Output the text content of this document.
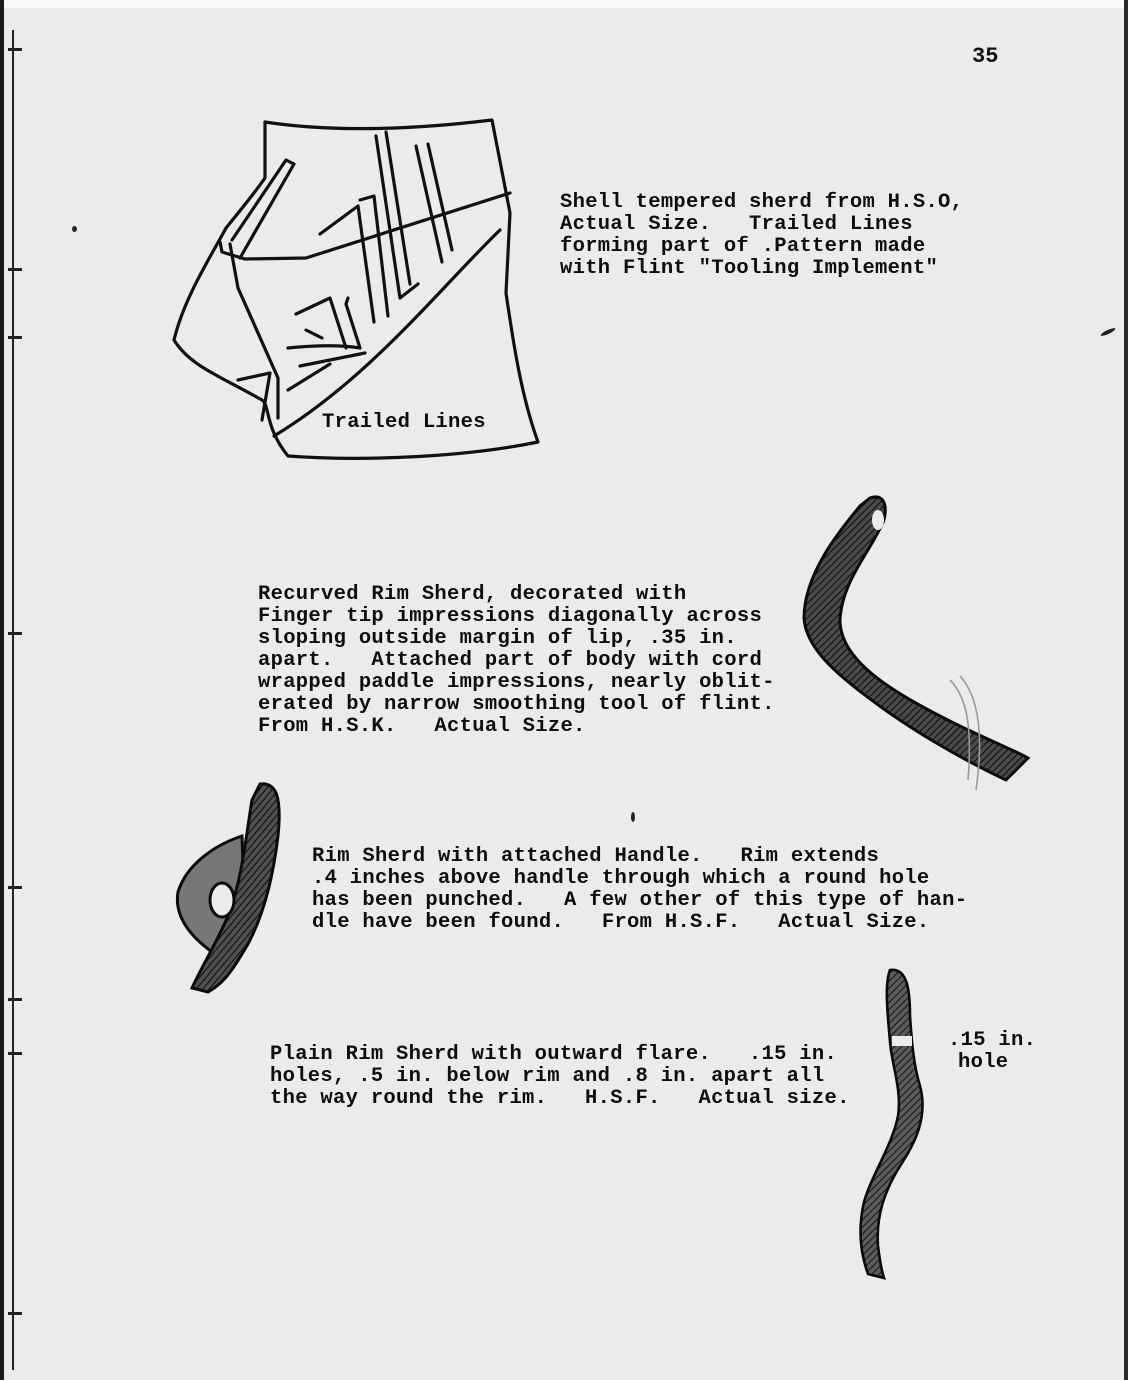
35
Trailed Lines
Shell tempered sherd from H.S.O,
Actual Size.   Trailed Lines
forming part of .Pattern made
with Flint "Tooling Implement"
Recurved Rim Sherd, decorated with
Finger tip impressions diagonally across
sloping outside margin of lip, .35 in.
apart.   Attached part of body with cord
wrapped paddle impressions, nearly oblit-
erated by narrow smoothing tool of flint.
From H.S.K.   Actual Size.
Rim Sherd with attached Handle.   Rim extends
.4 inches above handle through which a round hole
has been punched.   A few other of this type of han-
dle have been found.   From H.S.F.   Actual Size.
.15 in.
hole
Plain Rim Sherd with outward flare.   .15 in.
holes, .5 in. below rim and .8 in. apart all
the way round the rim.   H.S.F.   Actual size.
